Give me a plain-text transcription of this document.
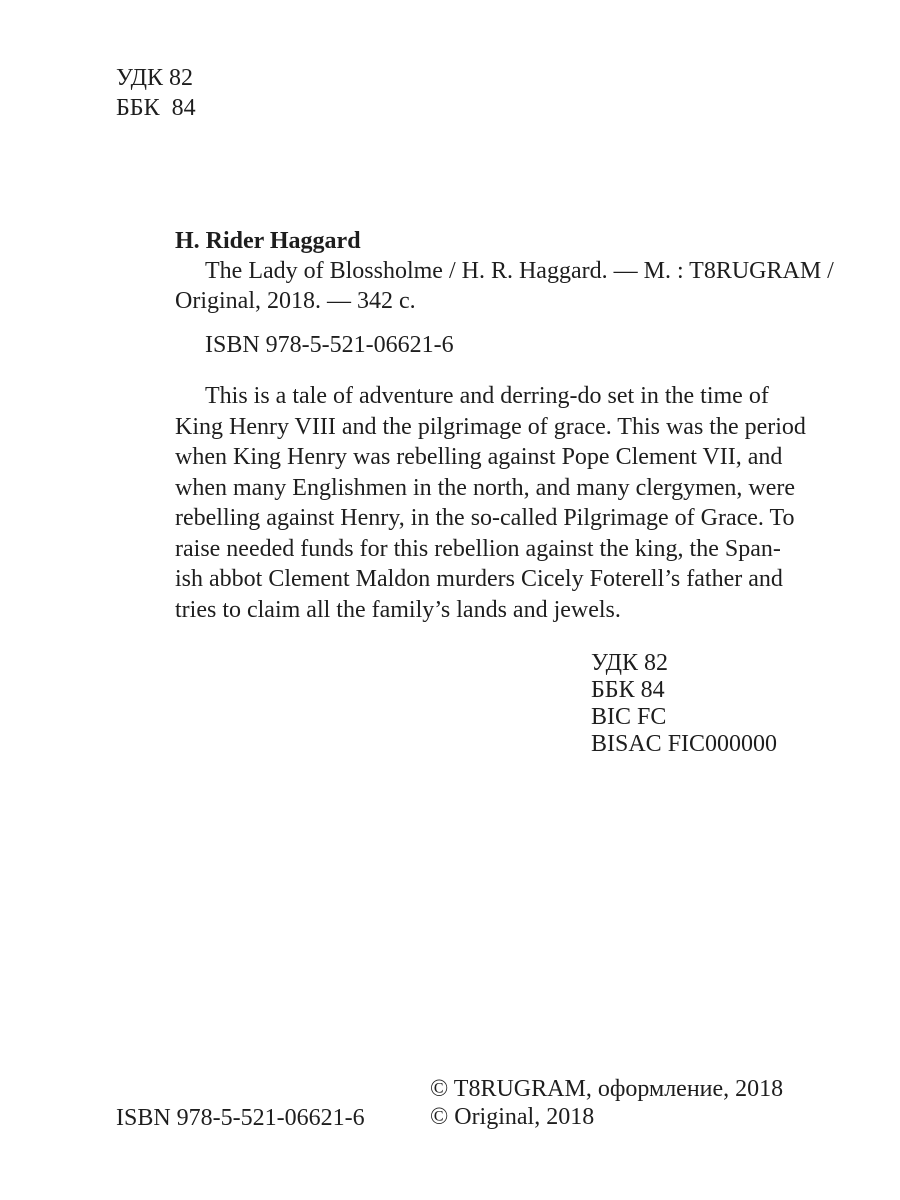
УДК 82
ББК  84
H. Rider Haggard
The Lady of Blossholme / H. R. Haggard. — M. : T8RUGRAM /
Original, 2018. — 342 с.
ISBN 978-5-521-06621-6
This is a tale of adventure and derring-do set in the time of
King Henry VIII and the pilgrimage of grace. This was the period
when King Henry was rebelling against Pope Clement VII, and
when many Englishmen in the north, and many clergymen, were
rebelling against Henry, in the so-called Pilgrimage of Grace. To
raise needed funds for this rebellion against the king, the Span-
ish abbot Clement Maldon murders Cicely Foterell’s father and
tries to claim all the family’s lands and jewels.
УДК 82
ББК 84
BIC FC
BISAC FIC000000
ISBN 978-5-521-06621-6
© T8RUGRAM, оформление, 2018
© Original, 2018
